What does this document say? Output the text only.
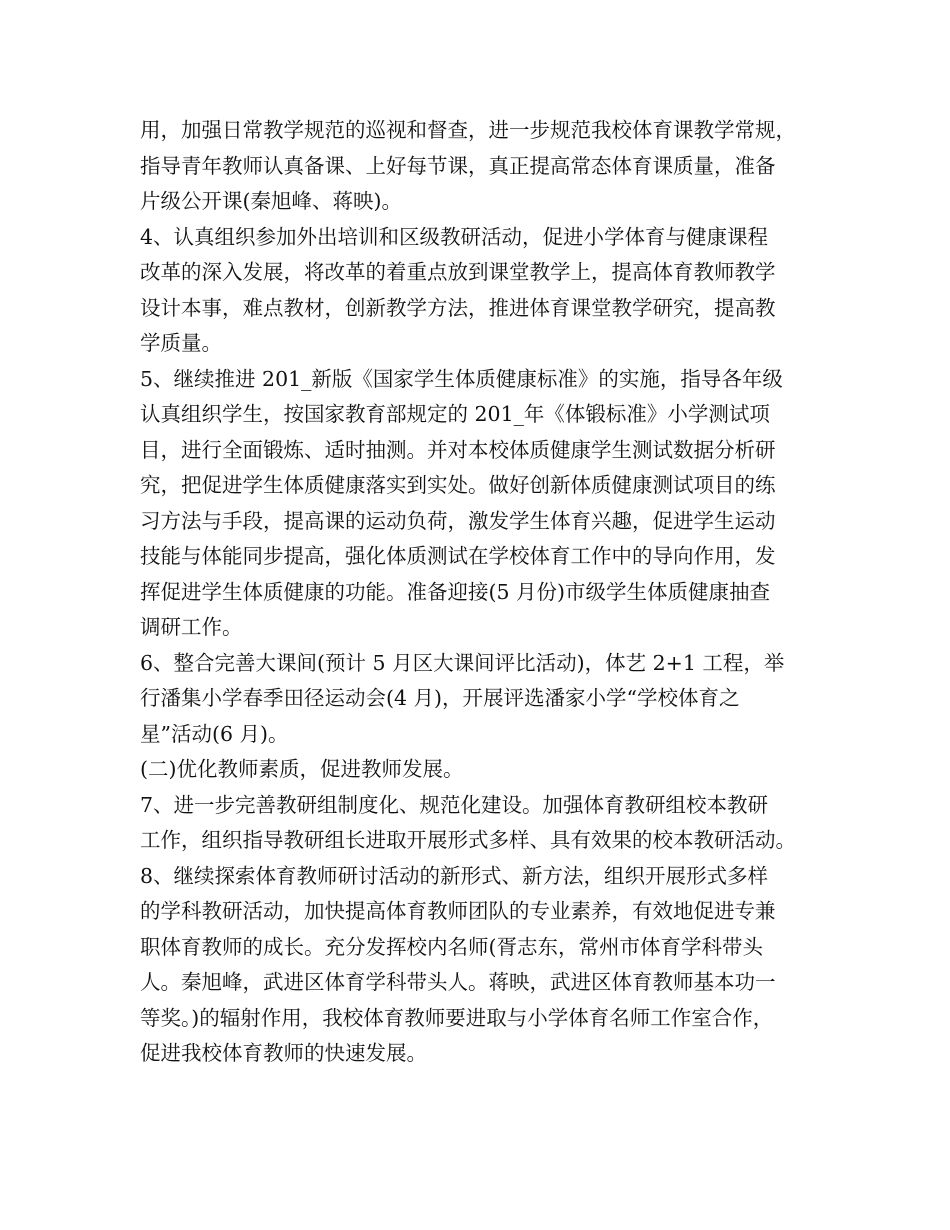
用，加强日常教学规范的巡视和督查，进一步规范我校体育课教学常规，
指导青年教师认真备课、上好每节课，真正提高常态体育课质量，准备
片级公开课(秦旭峰、蒋映)。
4、认真组织参加外出培训和区级教研活动，促进小学体育与健康课程
改革的深入发展，将改革的着重点放到课堂教学上，提高体育教师教学
设计本事，难点教材，创新教学方法，推进体育课堂教学研究，提高教
学质量。
5、继续推进 201_新版《国家学生体质健康标准》的实施，指导各年级
认真组织学生，按国家教育部规定的 201_年《体锻标准》小学测试项
目，进行全面锻炼、适时抽测。并对本校体质健康学生测试数据分析研
究，把促进学生体质健康落实到实处。做好创新体质健康测试项目的练
习方法与手段，提高课的运动负荷，激发学生体育兴趣，促进学生运动
技能与体能同步提高，强化体质测试在学校体育工作中的导向作用，发
挥促进学生体质健康的功能。准备迎接(5 月份)市级学生体质健康抽查
调研工作。
6、整合完善大课间(预计 5 月区大课间评比活动)，体艺 2+1 工程，举
行潘集小学春季田径运动会(4 月)，开展评选潘家小学“学校体育之
星”活动(6 月)。
(二)优化教师素质，促进教师发展。
7、进一步完善教研组制度化、规范化建设。加强体育教研组校本教研
工作，组织指导教研组长进取开展形式多样、具有效果的校本教研活动。
8、继续探索体育教师研讨活动的新形式、新方法，组织开展形式多样
的学科教研活动，加快提高体育教师团队的专业素养，有效地促进专兼
职体育教师的成长。充分发挥校内名师(胥志东，常州市体育学科带头
人。秦旭峰，武进区体育学科带头人。蒋映，武进区体育教师基本功一
等奖。)的辐射作用，我校体育教师要进取与小学体育名师工作室合作，
促进我校体育教师的快速发展。
